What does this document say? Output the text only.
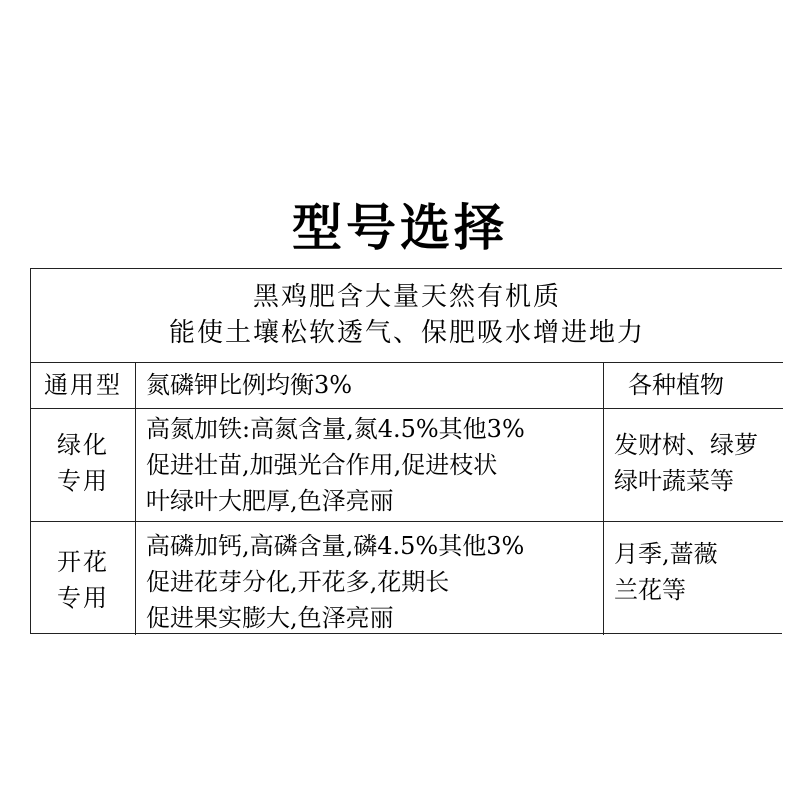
型号选择
黑鸡肥含大量天然有机质
能使土壤松软透气、保肥吸水增进地力
通用型	氮磷钾比例均衡3%	各种植物
绿化
专用
高氮加铁:高氮含量,氮4.5%其他3%
促进壮苗,加强光合作用,促进枝状
叶绿叶大肥厚,色泽亮丽
发财树、绿萝
绿叶蔬菜等
开花
专用
高磷加钙,高磷含量,磷4.5%其他3%
促进花芽分化,开花多,花期长
促进果实膨大,色泽亮丽
月季,蔷薇
兰花等
